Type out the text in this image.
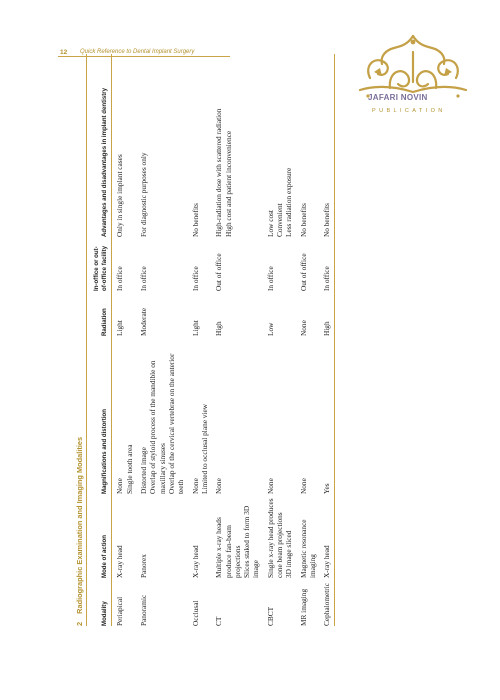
12 Quick Reference to Dental Implant Surgery
JAFARI NOVIN
PUBLICATION
2Radiographic Examination and Imaging Modalities	Modality	Mode of action	Magnifications and distortion	Radiation	In-office or out-of-office facility	Advantages and disadvantages in implant dentistry
Periapical	X-ray head	None Single tooth area	Light	In office	Only in single implant cases

Panoramic	Panorex	Distorted image Overlap of styloid process of the mandible on maxillary sinuses Overlap of the cervical vertebrae on the anterior teeth	Moderate	In office	For diagnostic purposes only

Occlusal	X-ray head	None Limited to occlusal plane view	Light	In office	No benefits

CT	Multiple x-ray heads produce fan-beam projections Slices staked to form 3D image	None	High	Out of office	High-radiation dose with scattered radiation High cost and patient inconvenience

CBCT	Single x-ray head produces cone beam projections 3D image sliced	None	Low	In office	Low cost Convenient Less radiation exposure

MR imaging	Magnetic resonance imaging	None	None	Out of office	No benefits

Cephalometric	X-ray head	Yes	High	In office	No benefits
